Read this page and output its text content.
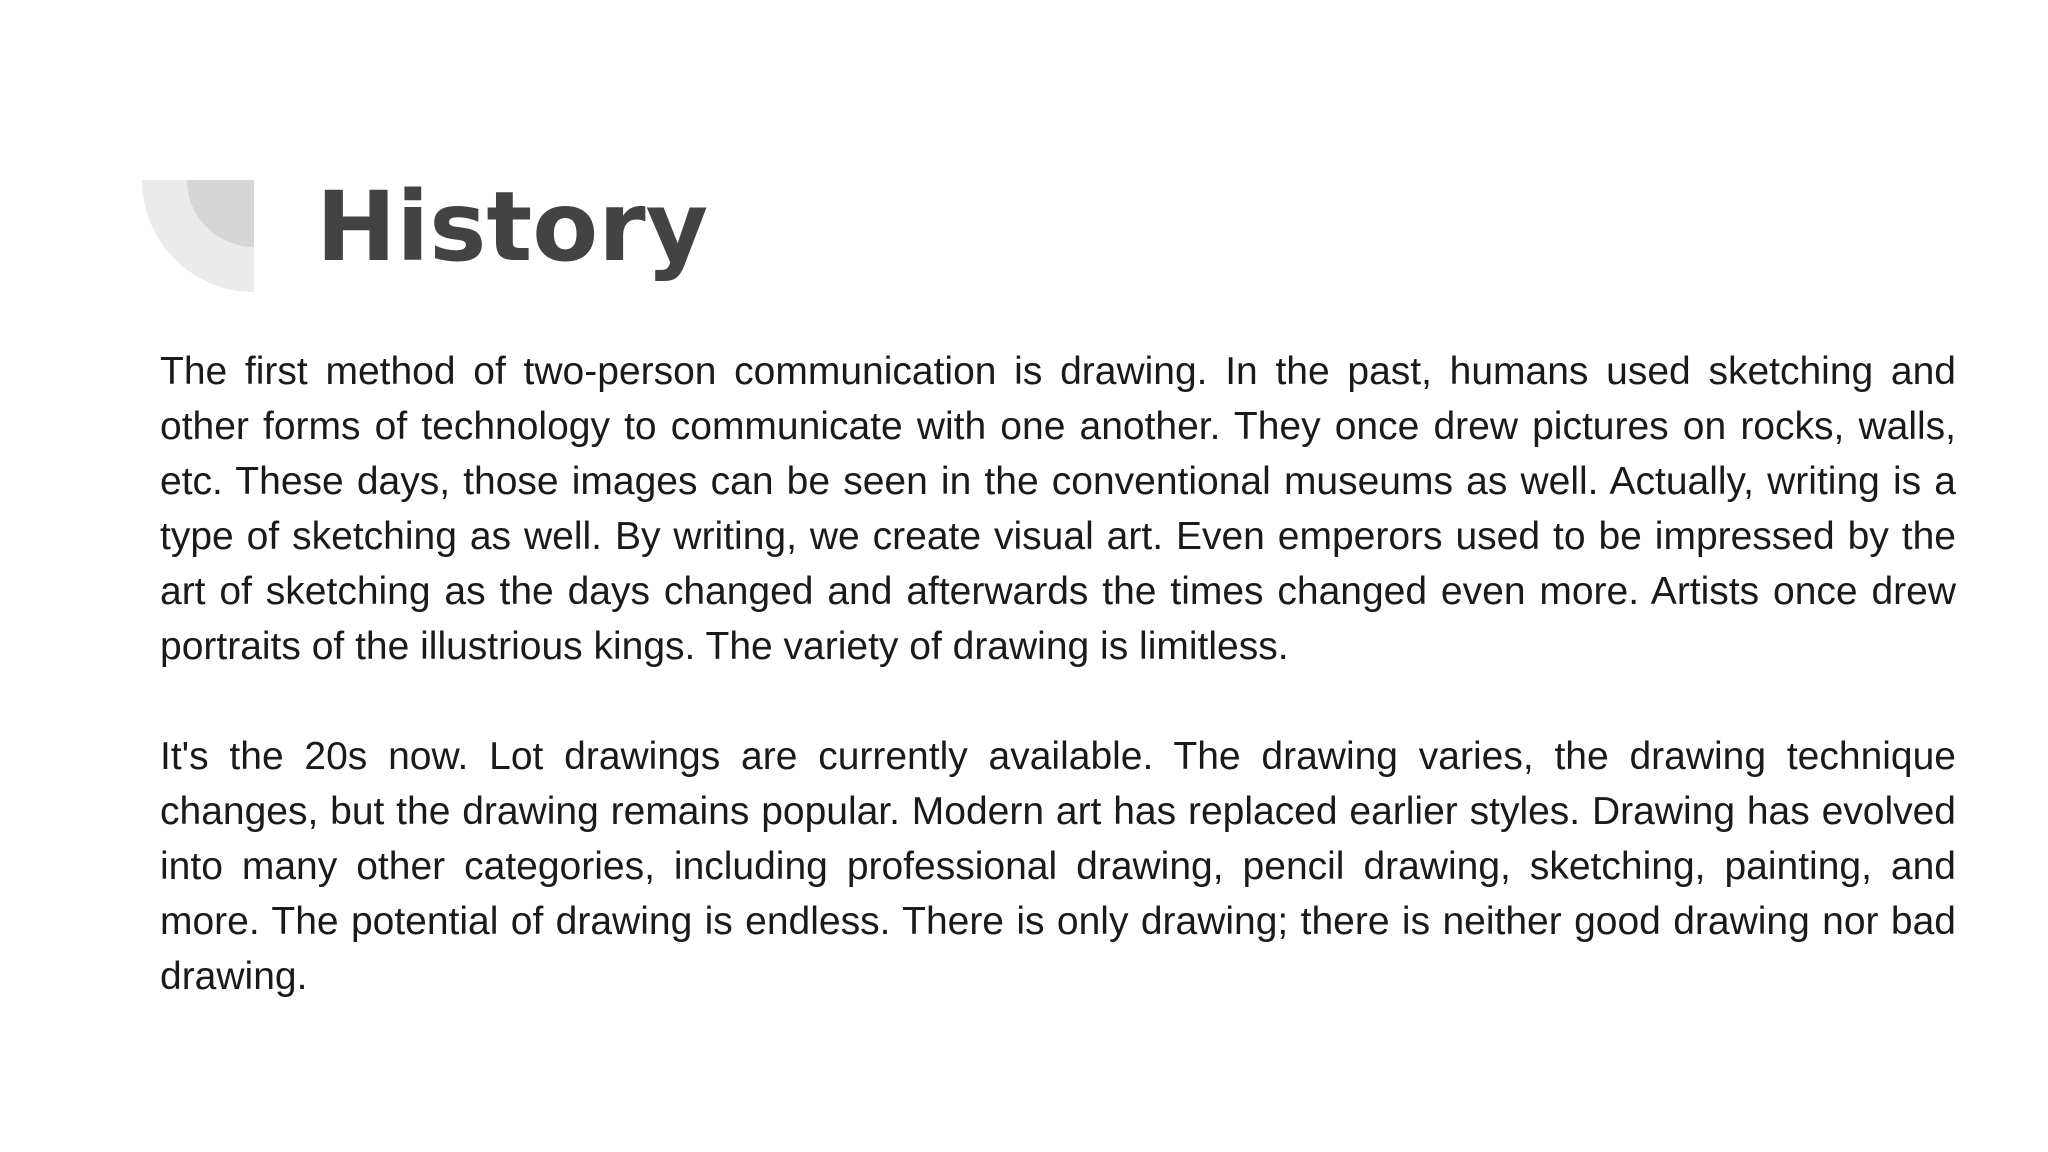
History

The first method of two-person communication is drawing. In the past, humans used sketching and other forms of technology to communicate with one another. They once drew pictures on rocks, walls, etc. These days, those images can be seen in the conventional museums as well. Actually, writing is a type of sketching as well. By writing, we create visual art. Even emperors used to be impressed by the art of sketching as the days changed and afterwards the times changed even more. Artists once drew portraits of the illustrious kings. The variety of drawing is limitless.

It's the 20s now. Lot drawings are currently available. The drawing varies, the drawing technique changes, but the drawing remains popular. Modern art has replaced earlier styles. Drawing has evolved into many other categories, including professional drawing, pencil drawing, sketching, painting, and more. The potential of drawing is endless. There is only drawing; there is neither good drawing nor bad drawing.
